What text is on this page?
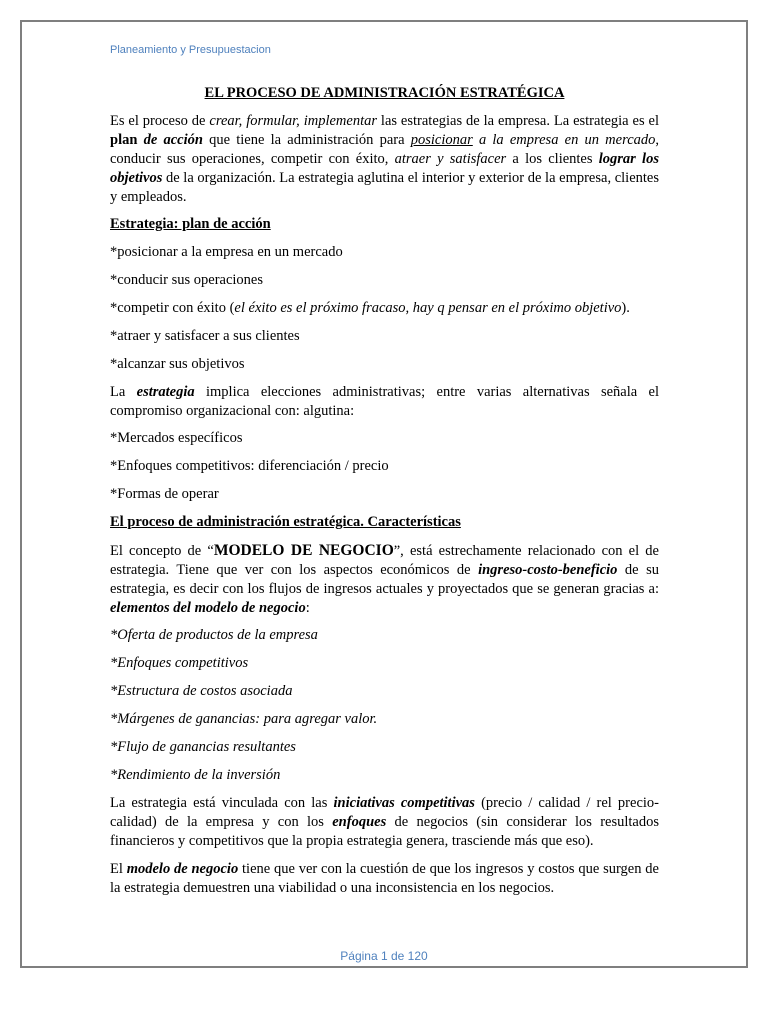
Planeamiento y Presupuestacion

EL PROCESO DE ADMINISTRACIÓN ESTRATÉGICA

Es el proceso de crear, formular, implementar las estrategias de la empresa. La estrategia es el plan de acción que tiene la administración para posicionar a la empresa en un mercado, conducir sus operaciones, competir con éxito, atraer y satisfacer a los clientes lograr los objetivos de la organización. La estrategia aglutina el interior y exterior de la empresa, clientes y empleados.

Estrategia: plan de acción

*posicionar a la empresa en un mercado

*conducir sus operaciones

*competir con éxito (el éxito es el próximo fracaso, hay q pensar en el próximo objetivo).

*atraer y satisfacer a sus clientes

*alcanzar sus objetivos

La estrategia implica elecciones administrativas; entre varias alternativas señala el compromiso organizacional con: algutina:

*Mercados específicos

*Enfoques competitivos: diferenciación / precio

*Formas de operar

El proceso de administración estratégica. Características

El concepto de “MODELO DE NEGOCIO”, está estrechamente relacionado con el de estrategia. Tiene que ver con los aspectos económicos de ingreso-costo-beneficio de su estrategia, es decir con los flujos de ingresos actuales y proyectados que se generan gracias a: elementos del modelo de negocio:

*Oferta de productos de la empresa

*Enfoques competitivos

*Estructura de costos asociada

*Márgenes de ganancias: para agregar valor.

*Flujo de ganancias resultantes

*Rendimiento de la inversión

La estrategia está vinculada con las iniciativas competitivas (precio / calidad / rel precio-calidad) de la empresa y con los enfoques de negocios (sin considerar los resultados financieros y competitivos que la propia estrategia genera, trasciende más que eso).

El modelo de negocio tiene que ver con la cuestión de que los ingresos y costos que surgen de la estrategia demuestren una viabilidad o una inconsistencia en los negocios.

Página 1 de 120
